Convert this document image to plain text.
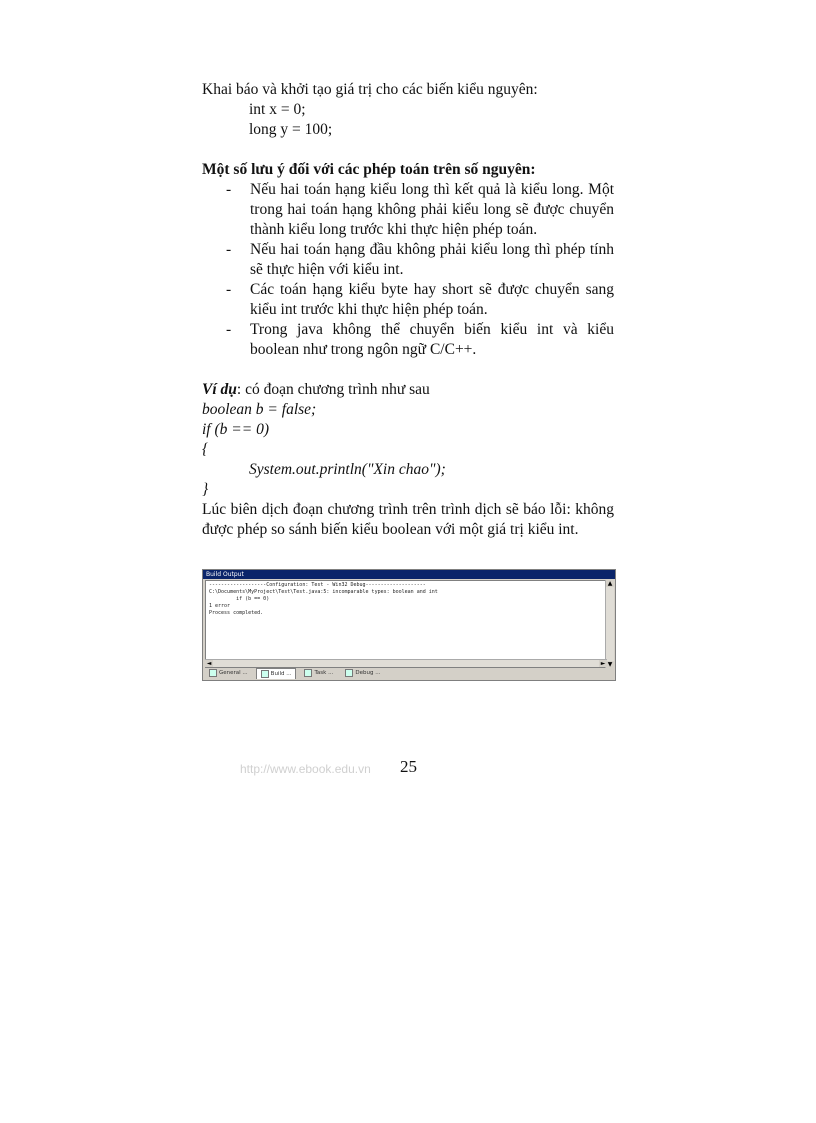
Khai báo và khởi tạo giá trị cho các biến kiểu nguyên:

int x = 0;

long y = 100;

Một số lưu ý đối với các phép toán trên số nguyên:

- Nếu hai toán hạng kiểu long thì kết quả là kiểu long. Một trong hai toán hạng không phải kiểu long sẽ được chuyển thành kiểu long trước khi thực hiện phép toán.
- Nếu hai toán hạng đầu không phải kiểu long thì phép tính sẽ thực hiện với kiểu int.
- Các toán hạng kiểu byte hay short sẽ được chuyển sang kiểu int trước khi thực hiện phép toán.
- Trong java không thể chuyển biến kiểu int và kiểu boolean như trong ngôn ngữ C/C++.

Ví dụ: có đoạn chương trình như sau

boolean b = false;

if (b == 0)

{

System.out.println("Xin chao");

}

Lúc biên dịch đoạn chương trình trên trình dịch sẽ báo lỗi: không được phép so sánh biến kiểu boolean với một giá trị kiểu int.

Build Output
-------------------Configuration: Test - Win32 Debug--------------------
C:\Documents\MyProject\Test\Test.java:5: incomparable types: boolean and int
if (b == 0)
1 error
Process completed.
▲
▼
◄	►
General ...	Build ...	Task ...	Debug ...
http://www.ebook.edu.vn 25
